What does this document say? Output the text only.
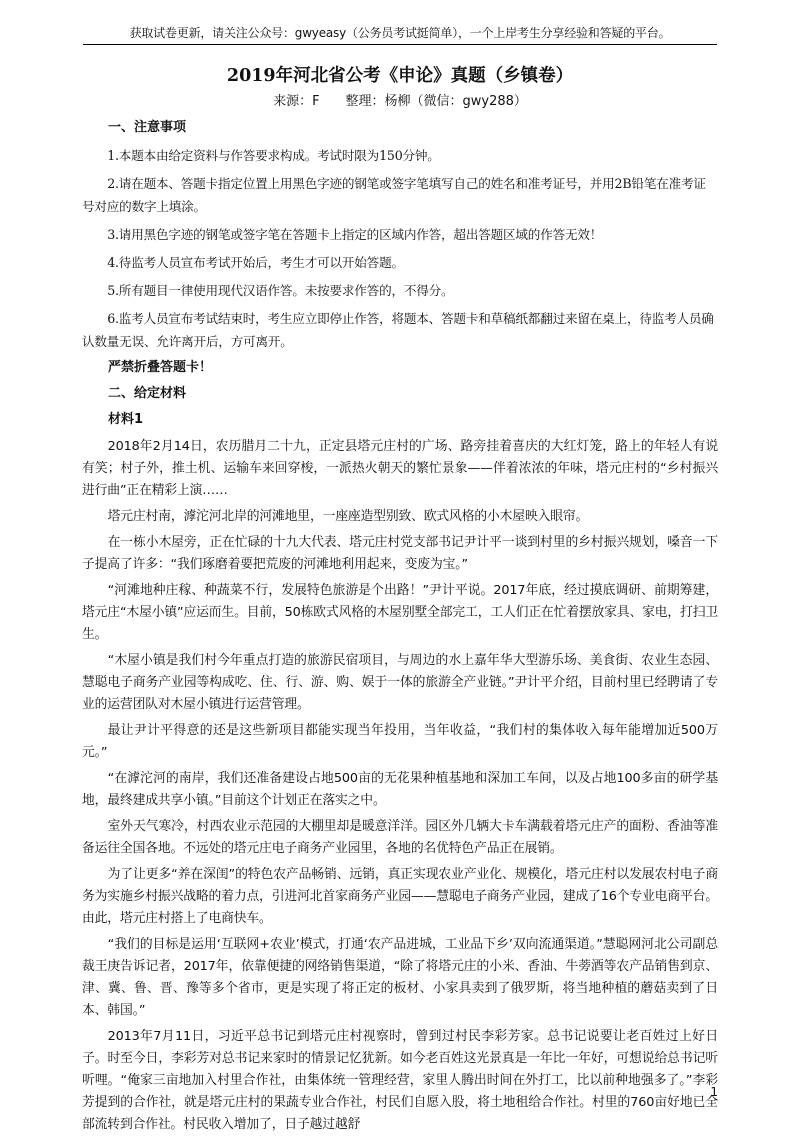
获取试卷更新，请关注公众号：gwyeasy（公务员考试挺简单），一个上岸考生分享经验和答疑的平台。
2019年河北省公考《申论》真题（乡镇卷）

来源：F　　整理：杨柳（微信：gwy288）

一、注意事项

1.本题本由给定资料与作答要求构成。考试时限为150分钟。

2.请在题本、答题卡指定位置上用黑色字迹的钢笔或签字笔填写自己的姓名和准考证号，并用2B铅笔在准考证号对应的数字上填涂。

3.请用黑色字迹的钢笔或签字笔在答题卡上指定的区域内作答，超出答题区域的作答无效！

4.待监考人员宣布考试开始后，考生才可以开始答题。

5.所有题目一律使用现代汉语作答。未按要求作答的，不得分。

6.监考人员宣布考试结束时，考生应立即停止作答，将题本、答题卡和草稿纸都翻过来留在桌上，待监考人员确认数量无误、允许离开后，方可离开。

严禁折叠答题卡！

二、给定材料

材料1

2018年2月14日，农历腊月二十九，正定县塔元庄村的广场、路旁挂着喜庆的大红灯笼，路上的年轻人有说有笑；村子外，推土机、运输车来回穿梭，一派热火朝天的繁忙景象——伴着浓浓的年味，塔元庄村的“乡村振兴进行曲”正在精彩上演……

塔元庄村南，滹沱河北岸的河滩地里，一座座造型别致、欧式风格的小木屋映入眼帘。

在一栋小木屋旁，正在忙碌的十九大代表、塔元庄村党支部书记尹计平一谈到村里的乡村振兴规划，嗓音一下子提高了许多：“我们琢磨着要把荒废的河滩地利用起来，变废为宝。”

“河滩地种庄稼、种蔬菜不行，发展特色旅游是个出路！”尹计平说。2017年底，经过摸底调研、前期筹建，塔元庄“木屋小镇”应运而生。目前，50栋欧式风格的木屋别墅全部完工，工人们正在忙着摆放家具、家电，打扫卫生。

“木屋小镇是我们村今年重点打造的旅游民宿项目，与周边的水上嘉年华大型游乐场、美食街、农业生态园、慧聪电子商务产业园等构成吃、住、行、游、购、娱于一体的旅游全产业链。”尹计平介绍，目前村里已经聘请了专业的运营团队对木屋小镇进行运营管理。

最让尹计平得意的还是这些新项目都能实现当年投用，当年收益，“我们村的集体收入每年能增加近500万元。”

“在滹沱河的南岸，我们还准备建设占地500亩的无花果种植基地和深加工车间，以及占地100多亩的研学基地，最终建成共享小镇。”目前这个计划正在落实之中。

室外天气寒冷，村西农业示范园的大棚里却是暖意洋洋。园区外几辆大卡车满载着塔元庄产的面粉、香油等准备运往全国各地。不远处的塔元庄电子商务产业园里，各地的名优特色产品正在展销。

为了让更多“养在深闺”的特色农产品畅销、远销，真正实现农业产业化、规模化，塔元庄村以发展农村电子商务为实施乡村振兴战略的着力点，引进河北首家商务产业园——慧聪电子商务产业园，建成了16个专业电商平台。由此，塔元庄村搭上了电商快车。

“我们的目标是运用‘互联网+农业’模式，打通‘农产品进城，工业品下乡’双向流通渠道。”慧聪网河北公司副总裁王庚告诉记者，2017年，依靠便捷的网络销售渠道，“除了将塔元庄的小米、香油、牛蒡酒等农产品销售到京、津、冀、鲁、晋、豫等多个省市，更是实现了将正定的板材、小家具卖到了俄罗斯，将当地种植的蘑菇卖到了日本、韩国。”

2013年7月11日，习近平总书记到塔元庄村视察时，曾到过村民李彩芳家。总书记说要让老百姓过上好日子。时至今日，李彩芳对总书记来家时的情景记忆犹新。如今老百姓这光景真是一年比一年好，可想说给总书记听听哩。“俺家三亩地加入村里合作社，由集体统一管理经营，家里人腾出时间在外打工，比以前种地强多了。”李彩芳提到的合作社，就是塔元庄村的果蔬专业合作社，村民们自愿入股，将土地租给合作社。村里的760亩好地已全部流转到合作社。村民收入增加了，日子越过越舒

1
